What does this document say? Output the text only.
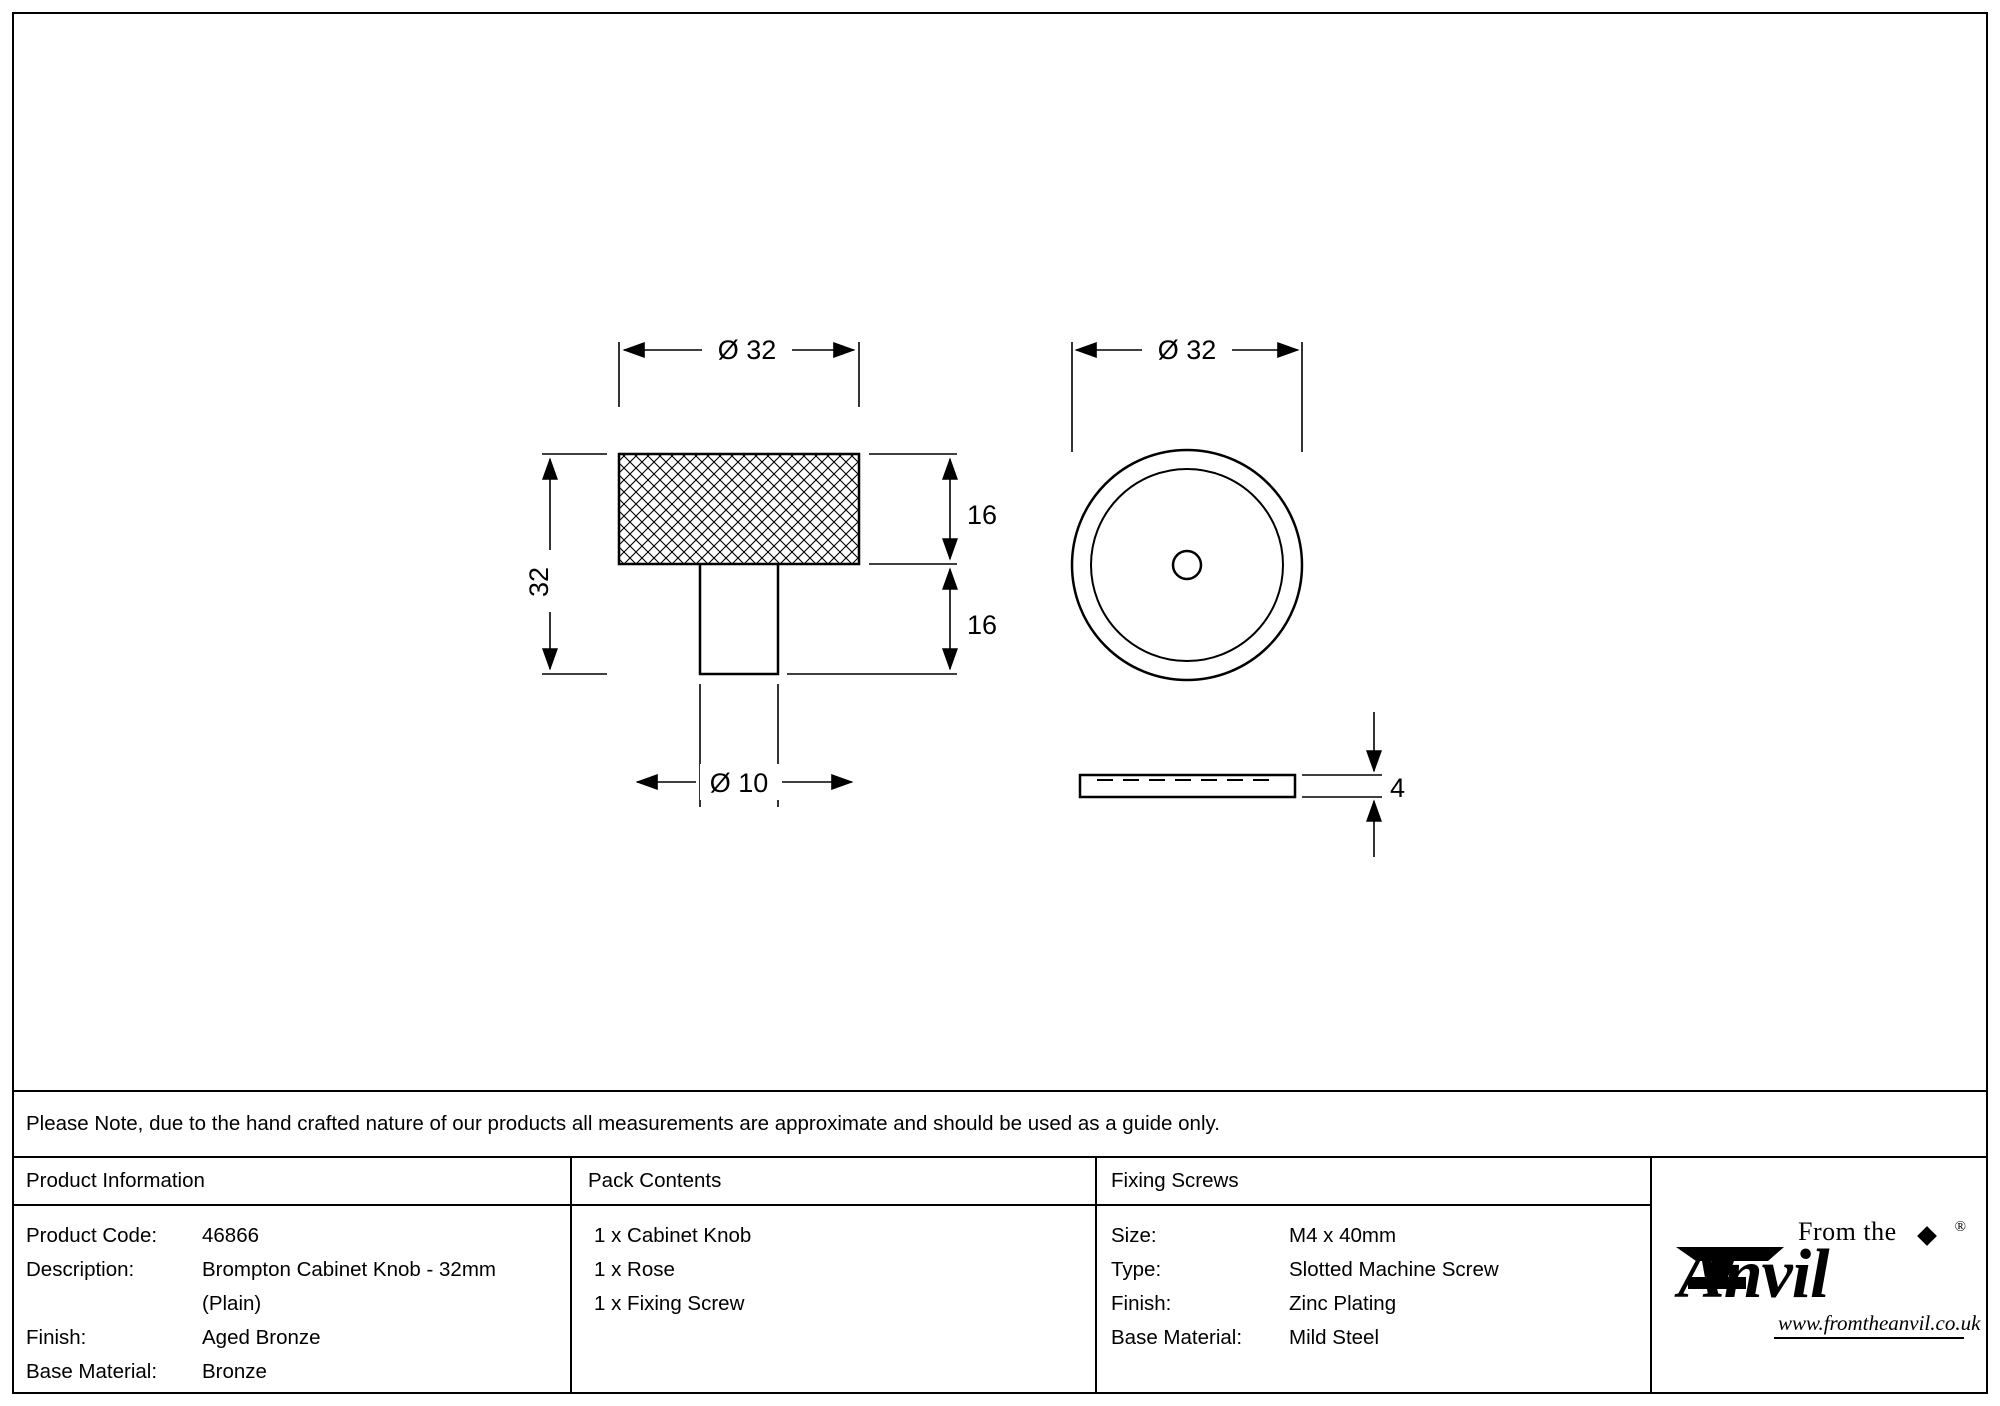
Ø 32
32
16
16
Ø 10
Ø 32
4
Please Note, due to the hand crafted nature of our products all measurements are approximate and should be used as a guide only.
Product Information
Product Code:	46866
Description:	Brompton Cabinet Knob - 32mm
(Plain)
Finish:	Aged Bronze
Base Material:	Bronze
Pack Contents
1 x Cabinet Knob
1 x Rose
1 x Fixing Screw
Fixing Screws
Size:	M4 x 40mm
Type:	Slotted Machine Screw
Finish:	Zinc Plating
Base Material:	Mild Steel
From the
Anvil
®
www.fromtheanvil.co.uk
